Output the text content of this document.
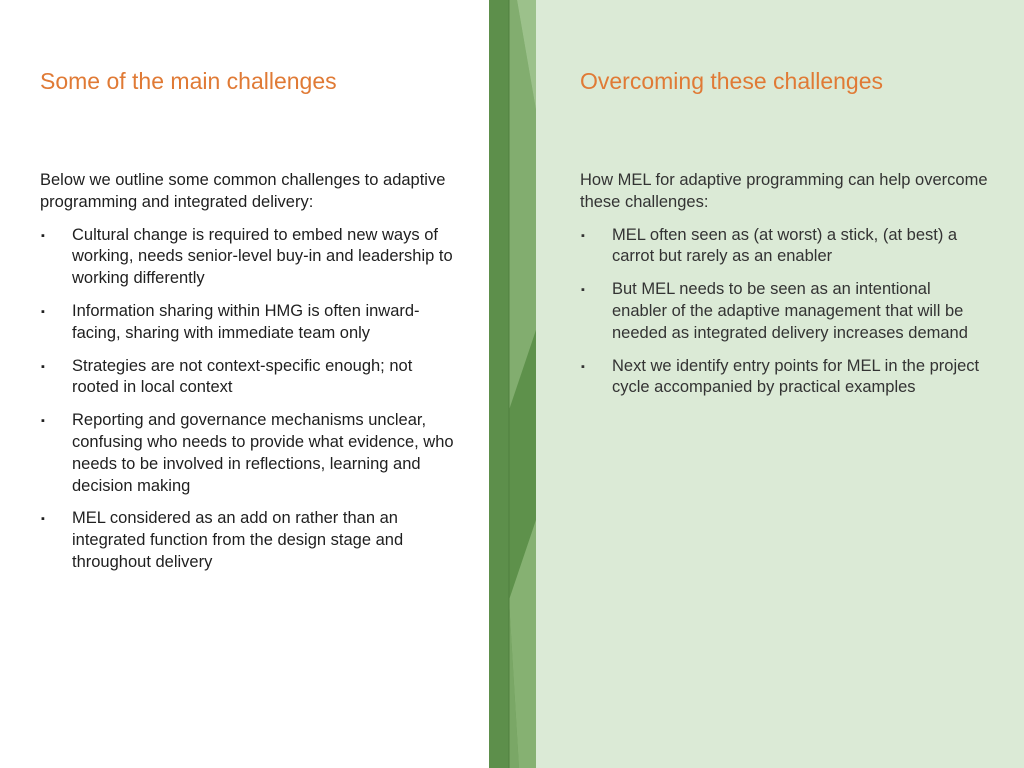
Some of the main challenges

Below we outline some common challenges to adaptive programming and integrated delivery:

▪ Cultural change is required to embed new ways of working, needs senior-level buy-in and leadership to working differently
▪ Information sharing within HMG is often inward-facing, sharing with immediate team only
▪ Strategies are not context-specific enough; not rooted in local context
▪ Reporting and governance mechanisms unclear, confusing who needs to provide what evidence, who needs to be involved in reflections, learning and decision making
▪ MEL considered as an add on rather than an integrated function from the design stage and throughout delivery
Overcoming these challenges

How MEL for adaptive programming can help overcome these challenges:

▪ MEL often seen as (at worst) a stick, (at best) a carrot but rarely as an enabler
▪ But MEL needs to be seen as an intentional enabler of the adaptive management that will be needed as integrated delivery increases demand
▪ Next we identify entry points for MEL in the project cycle accompanied by practical examples
